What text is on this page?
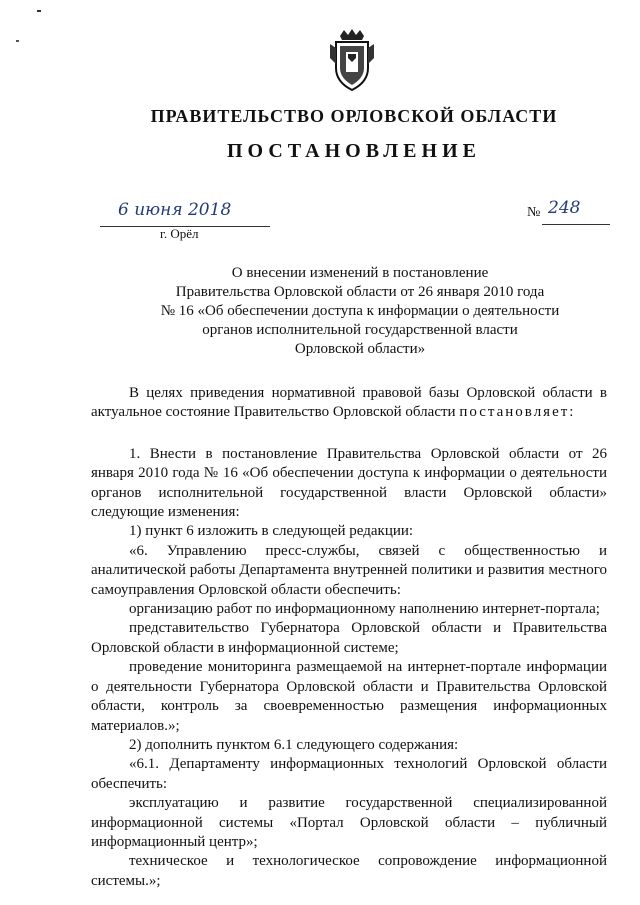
ПРАВИТЕЛЬСТВО ОРЛОВСКОЙ ОБЛАСТИ
ПОСТАНОВЛЕНИЕ
6 июня 2018	№ 248
г. Орёл
О внесении изменений в постановление
Правительства Орловской области от 26 января 2010 года
№ 16 «Об обеспечении доступа к информации о деятельности
органов исполнительной государственной власти
Орловской области»

В целях приведения нормативной правовой базы Орловской области в актуальное состояние Правительство Орловской области постановляет:

1. Внести в постановление Правительства Орловской области от 26 января 2010 года № 16 «Об обеспечении доступа к информации о деятельности органов исполнительной государственной власти Орловской области» следующие изменения:

1) пункт 6 изложить в следующей редакции:

«6. Управлению пресс-службы, связей с общественностью и аналитической работы Департамента внутренней политики и развития местного самоуправления Орловской области обеспечить:

организацию работ по информационному наполнению интернет-портала;

представительство Губернатора Орловской области и Правительства Орловской области в информационной системе;

проведение мониторинга размещаемой на интернет-портале информации о деятельности Губернатора Орловской области и Правительства Орловской области, контроль за своевременностью размещения информационных материалов.»;

2) дополнить пунктом 6.1 следующего содержания:

«6.1. Департаменту информационных технологий Орловской области обеспечить:

эксплуатацию и развитие государственной специализированной информационной системы «Портал Орловской области – публичный информационный центр»;

техническое и технологическое сопровождение информационной системы.»;
